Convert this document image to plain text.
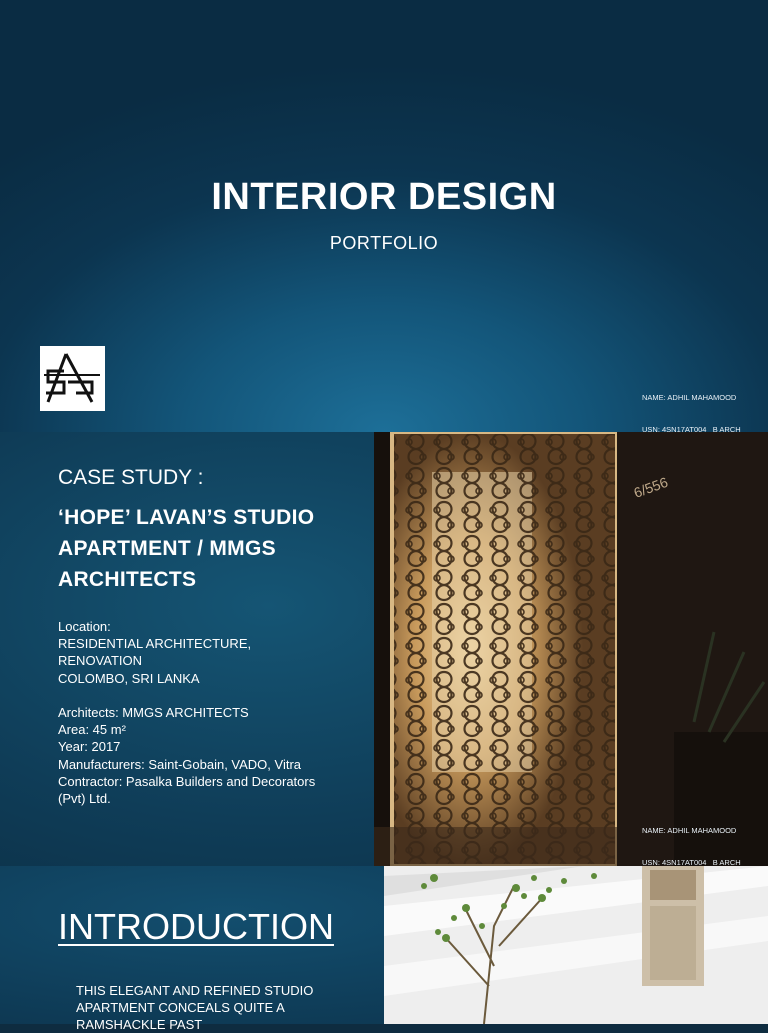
INTERIOR DESIGN
PORTFOLIO

NAME: ADHIL MAHAMOOD

USN: 4SN17AT004   B ARCH

CASE STUDY :
‘HOPE’ LAVAN’S STUDIO APARTMENT / MMGS ARCHITECTS
Location:
RESIDENTIAL ARCHITECTURE,
RENOVATION
COLOMBO, SRI LANKA
Architects: MMGS ARCHITECTS
Area: 45 m²
Year: 2017
Manufacturers: Saint-Gobain, VADO, Vitra
Contractor: Pasalka Builders and Decorators
(Pvt) Ltd.
6/556

NAME: ADHIL MAHAMOOD

USN: 4SN17AT004   B ARCH

INTRODUCTION
THIS ELEGANT AND REFINED STUDIO APARTMENT CONCEALS QUITE A RAMSHACKLE PAST
